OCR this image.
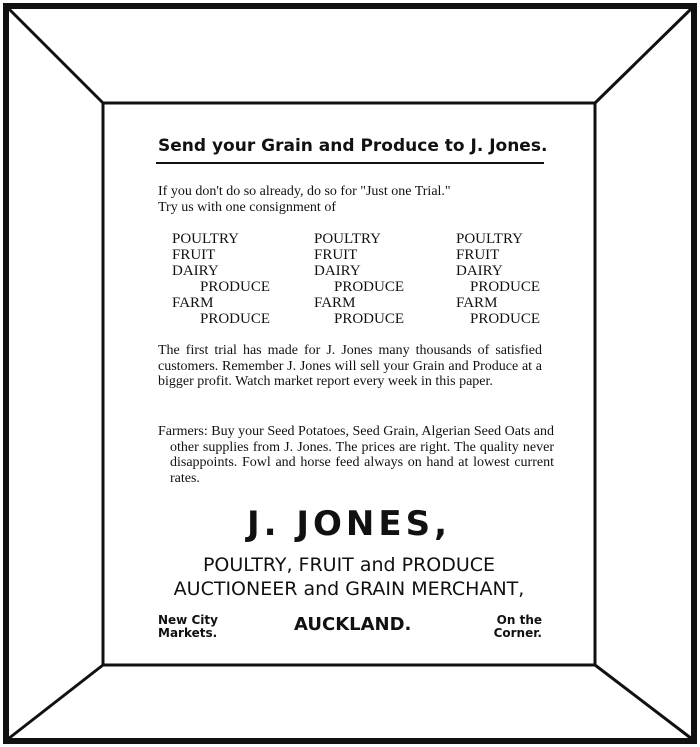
Send your Grain and Produce to J. Jones.
If you don't do so already, do so for "Just one Trial."
Try us with one consignment of
POULTRY
FRUIT
DAIRY
PRODUCE
FARM
PRODUCE
POULTRY
FRUIT
DAIRY
PRODUCE
FARM
PRODUCE
POULTRY
FRUIT
DAIRY
PRODUCE
FARM
PRODUCE

The first trial has made for J. Jones many thousands of satisfied customers. Remember J. Jones will sell your Grain and Produce at a bigger profit. Watch market report every week in this paper.

Farmers: Buy your Seed Potatoes, Seed Grain, Algerian Seed Oats and other supplies from J. Jones. The prices are right. The quality never disappoints. Fowl and horse feed always on hand at lowest current rates.

J. JONES,
POULTRY, FRUIT and PRODUCE
AUCTIONEER and GRAIN MERCHANT,
New City
Markets.	AUCKLAND.	On the
Corner.
